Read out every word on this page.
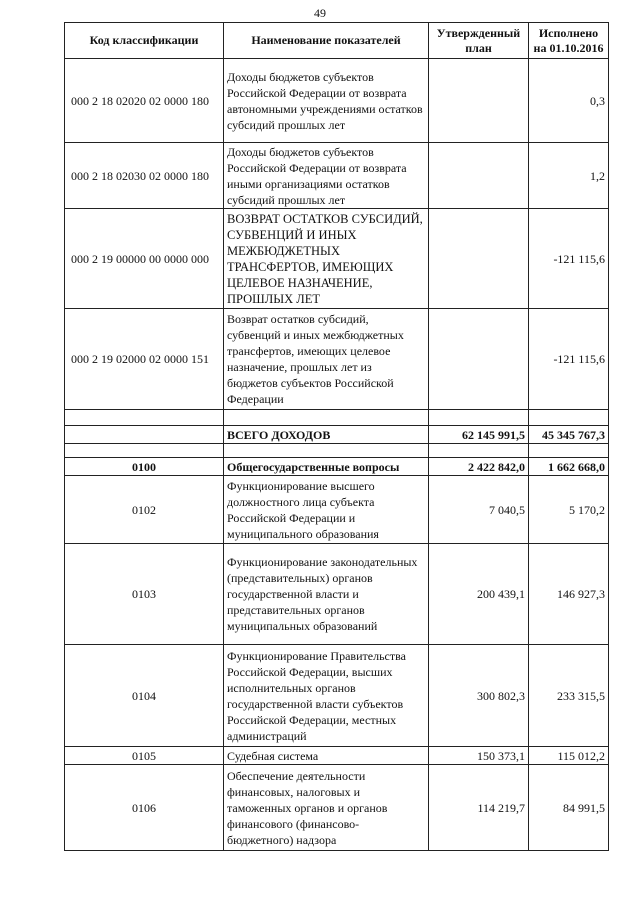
49
Код классификации	Наименование показателей	Утвержденный план	Исполнено на 01.10.2016
000 2 18 02020 02 0000 180	Доходы бюджетов субъектов Российской Федерации от возврата автономными учреждениями остатков субсидий прошлых лет		0,3
000 2 18 02030 02 0000 180	Доходы бюджетов субъектов Российской Федерации от возврата иными организациями остатков субсидий прошлых лет		1,2
000 2 19 00000 00 0000 000	ВОЗВРАТ ОСТАТКОВ СУБСИДИЙ, СУБВЕНЦИЙ И ИНЫХ МЕЖБЮДЖЕТНЫХ ТРАНСФЕРТОВ, ИМЕЮЩИХ ЦЕЛЕВОЕ НАЗНАЧЕНИЕ, ПРОШЛЫХ ЛЕТ		-121 115,6
000 2 19 02000 02 0000 151	Возврат остатков субсидий, субвенций и иных межбюджетных трансфертов, имеющих целевое назначение, прошлых лет из бюджетов субъектов Российской Федерации		-121 115,6

	ВСЕГО ДОХОДОВ	62 145 991,5	45 345 767,3

0100	Общегосударственные вопросы	2 422 842,0	1 662 668,0
0102	Функционирование высшего должностного лица субъекта Российской Федерации и муниципального образования	7 040,5	5 170,2
0103	Функционирование законодательных (представительных) органов государственной власти и представительных органов муниципальных образований	200 439,1	146 927,3
0104	Функционирование Правительства Российской Федерации, высших исполнительных органов государственной власти субъектов Российской Федерации, местных администраций	300 802,3	233 315,5
0105	Судебная система	150 373,1	115 012,2
0106	Обеспечение деятельности финансовых, налоговых и таможенных органов и органов финансового (финансово-бюджетного) надзора	114 219,7	84 991,5
